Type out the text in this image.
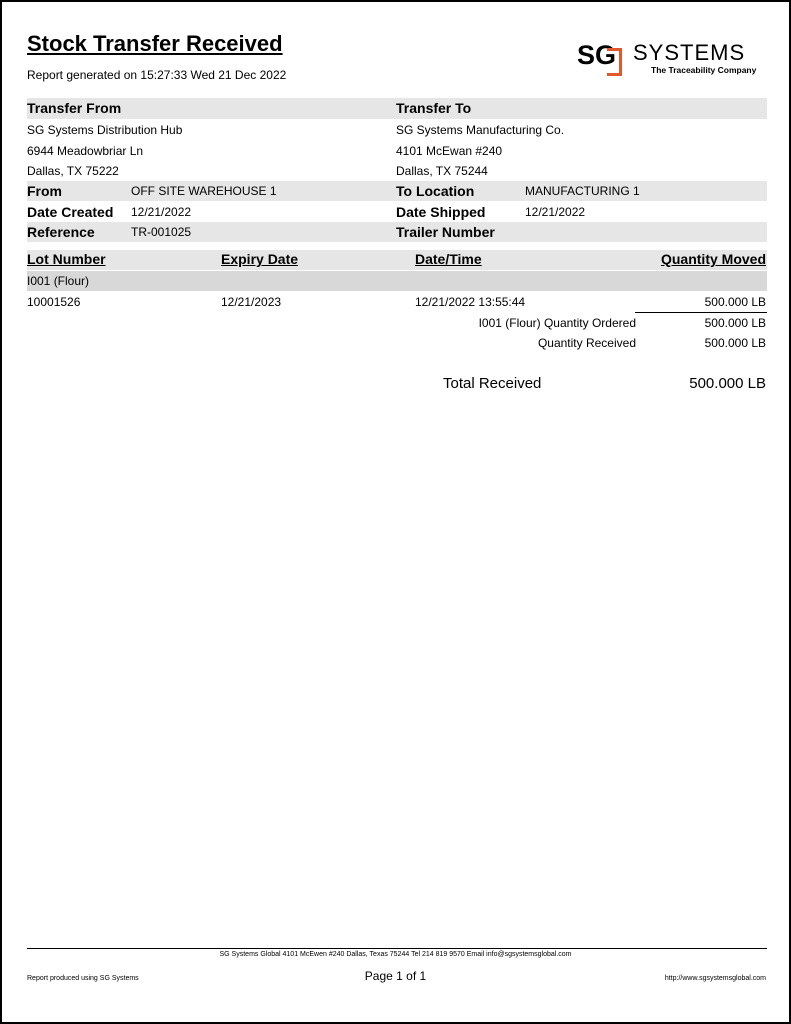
Stock Transfer Received
Report generated on 15:27:33 Wed 21 Dec 2022
SG SYSTEMS
The Traceability Company
Transfer From	Transfer To
SG Systems Distribution Hub
6944 Meadowbriar Ln
Dallas, TX 75222
SG Systems Manufacturing Co.
4101 McEwan #240
Dallas, TX 75244
From	OFF SITE WAREHOUSE 1	To Location	MANUFACTURING 1
Date Created 12/21/2022	Date Shipped	12/21/2022
Reference	TR-001025	Trailer Number
Lot Number	Expiry Date	Date/Time	Quantity Moved
I001 (Flour)
10001526	12/21/2023	12/21/2022 13:55:44	500.000 LB
I001 (Flour) Quantity Ordered	500.000 LB
Quantity Received	500.000 LB
Total Received	500.000 LB
SG Systems Global 4101 McEwen #240 Dallas, Texas 75244 Tel 214 819 9570 Email info@sgsystemsglobal.com
Report produced using SG Systems	Page 1 of 1	http://www.sgsystemsglobal.com
